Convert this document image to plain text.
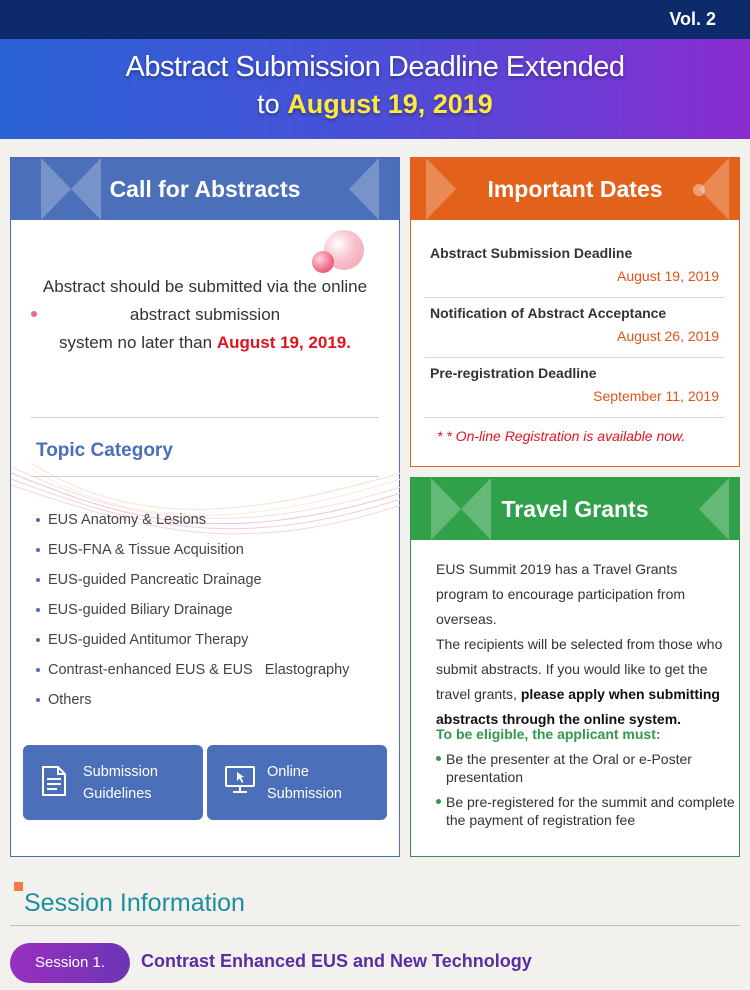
Vol. 2
Abstract Submission Deadline Extended
to August 19, 2019
Call for Abstracts
Abstract should be submitted via the online
abstract submission
system no later than August 19, 2019.
Topic Category
EUS Anatomy & Lesions
EUS-FNA & Tissue Acquisition
EUS-guided Pancreatic Drainage
EUS-guided Biliary Drainage
EUS-guided Antitumor Therapy
Contrast-enhanced EUS & EUS   Elastography
Others
Submission
Guidelines
Online
Submission
Important Dates
Abstract Submission Deadline
August 19, 2019
Notification of Abstract Acceptance
August 26, 2019
Pre-registration Deadline
September 11, 2019
* * On-line Registration is available now.
Travel Grants
EUS Summit 2019 has a Travel Grants program to encourage participation from overseas.
The recipients will be selected from those who submit abstracts. If you would like to get the travel grants, please apply when submitting abstracts through the online system.
To be eligible, the applicant must:
Be the presenter at the Oral or e-Poster presentation
Be pre-registered for the summit and complete the payment of registration fee
Session Information
Session 1.	Contrast Enhanced EUS and New Technology
